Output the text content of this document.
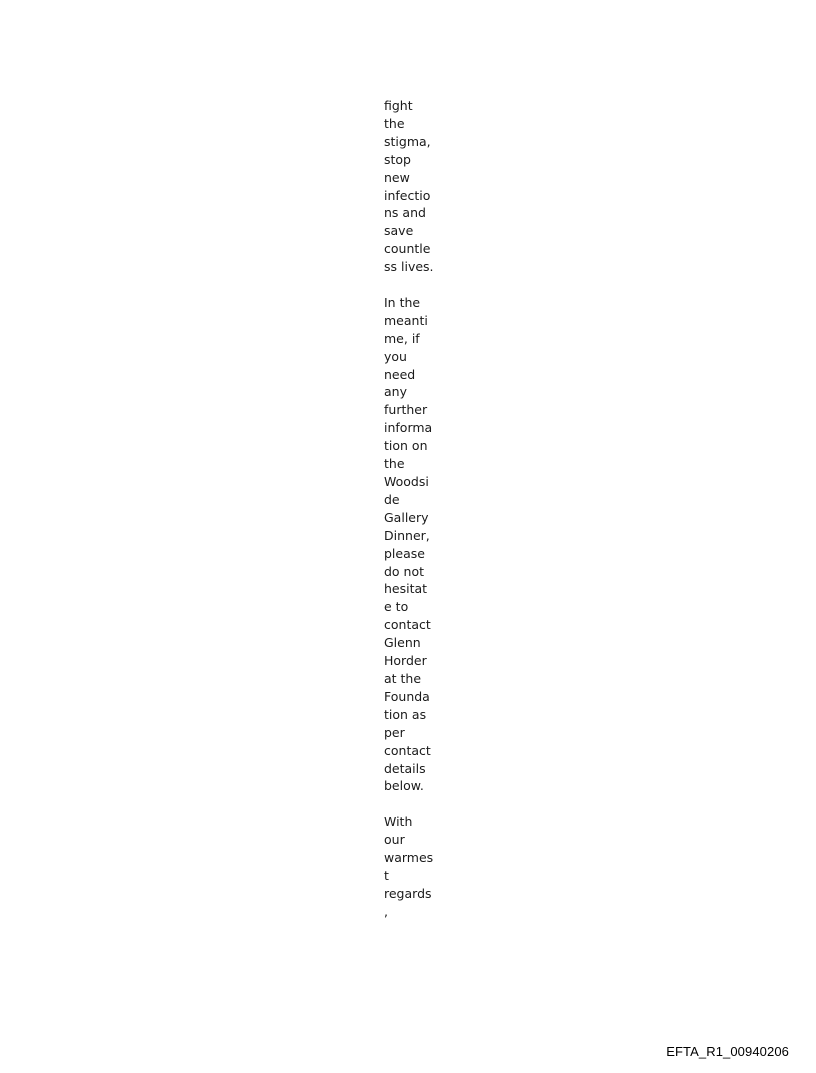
fight
the
stigma,
stop
new
infectio
ns and
save
countle
ss lives.
In the
meanti
me, if
you
need
any
further
informa
tion on
the
Woodsi
de
Gallery
Dinner,
please
do not
hesitat
e to
contact
Glenn
Horder
at the
Founda
tion as
per
contact
details
below.
With
our
warmes
t
regards
,
EFTA_R1_00940206
